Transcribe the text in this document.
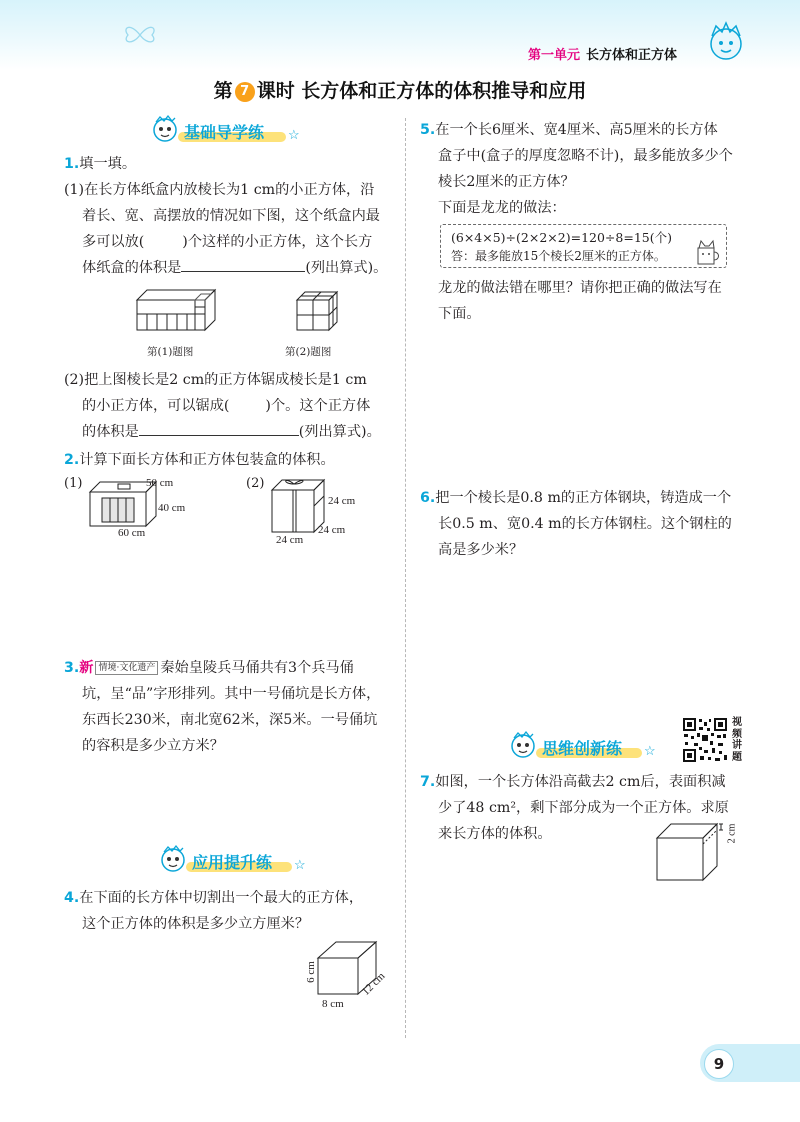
第一单元 长方体和正方体
第 7 课时 长方体和正方体的体积推导和应用
基础导学练 ☆
1.填一填。
(1)在长方体纸盒内放棱长为1 cm的小正方体，沿
着长、宽、高摆放的情况如下图，这个纸盒内最
多可以放(	)个这样的小正方体，这个长方
体纸盒的体积是	(列出算式)。
第(1)题图	第(2)题图
(2)把上图棱长是2 cm的正方体锯成棱长是1 cm
的小正方体，可以锯成(	)个。这个正方体
的体积是	(列出算式)。
2.计算下面长方体和正方体包装盒的体积。
(1)	(2)
50 cm
40 cm
60 cm
24 cm
24 cm
24 cm
3.新 情境·文化遗产 秦始皇陵兵马俑共有3个兵马俑
坑，呈“品”字形排列。其中一号俑坑是长方体，
东西长230米，南北宽62米，深5米。一号俑坑
的容积是多少立方米？
应用提升练 ☆
4.在下面的长方体中切割出一个最大的正方体，
这个正方体的体积是多少立方厘米？
6 cm
8 cm
12 cm
5.在一个长6厘米、宽4厘米、高5厘米的长方体
盒子中(盒子的厚度忽略不计)，最多能放多少个
棱长2厘米的正方体？
下面是龙龙的做法：
(6×4×5)÷(2×2×2)=120÷8=15(个)
答：最多能放15个棱长2厘米的正方体。
龙龙的做法错在哪里？请你把正确的做法写在
下面。
6.把一个棱长是0.8 m的正方体钢块，铸造成一个
长0.5 m、宽0.4 m的长方体钢柱。这个钢柱的
高是多少米？
思维创新练 ☆
视频讲题
7.如图，一个长方体沿高截去2 cm后，表面积减
少了48 cm²，剩下部分成为一个正方体。求原
来长方体的体积。	2 cm
9
